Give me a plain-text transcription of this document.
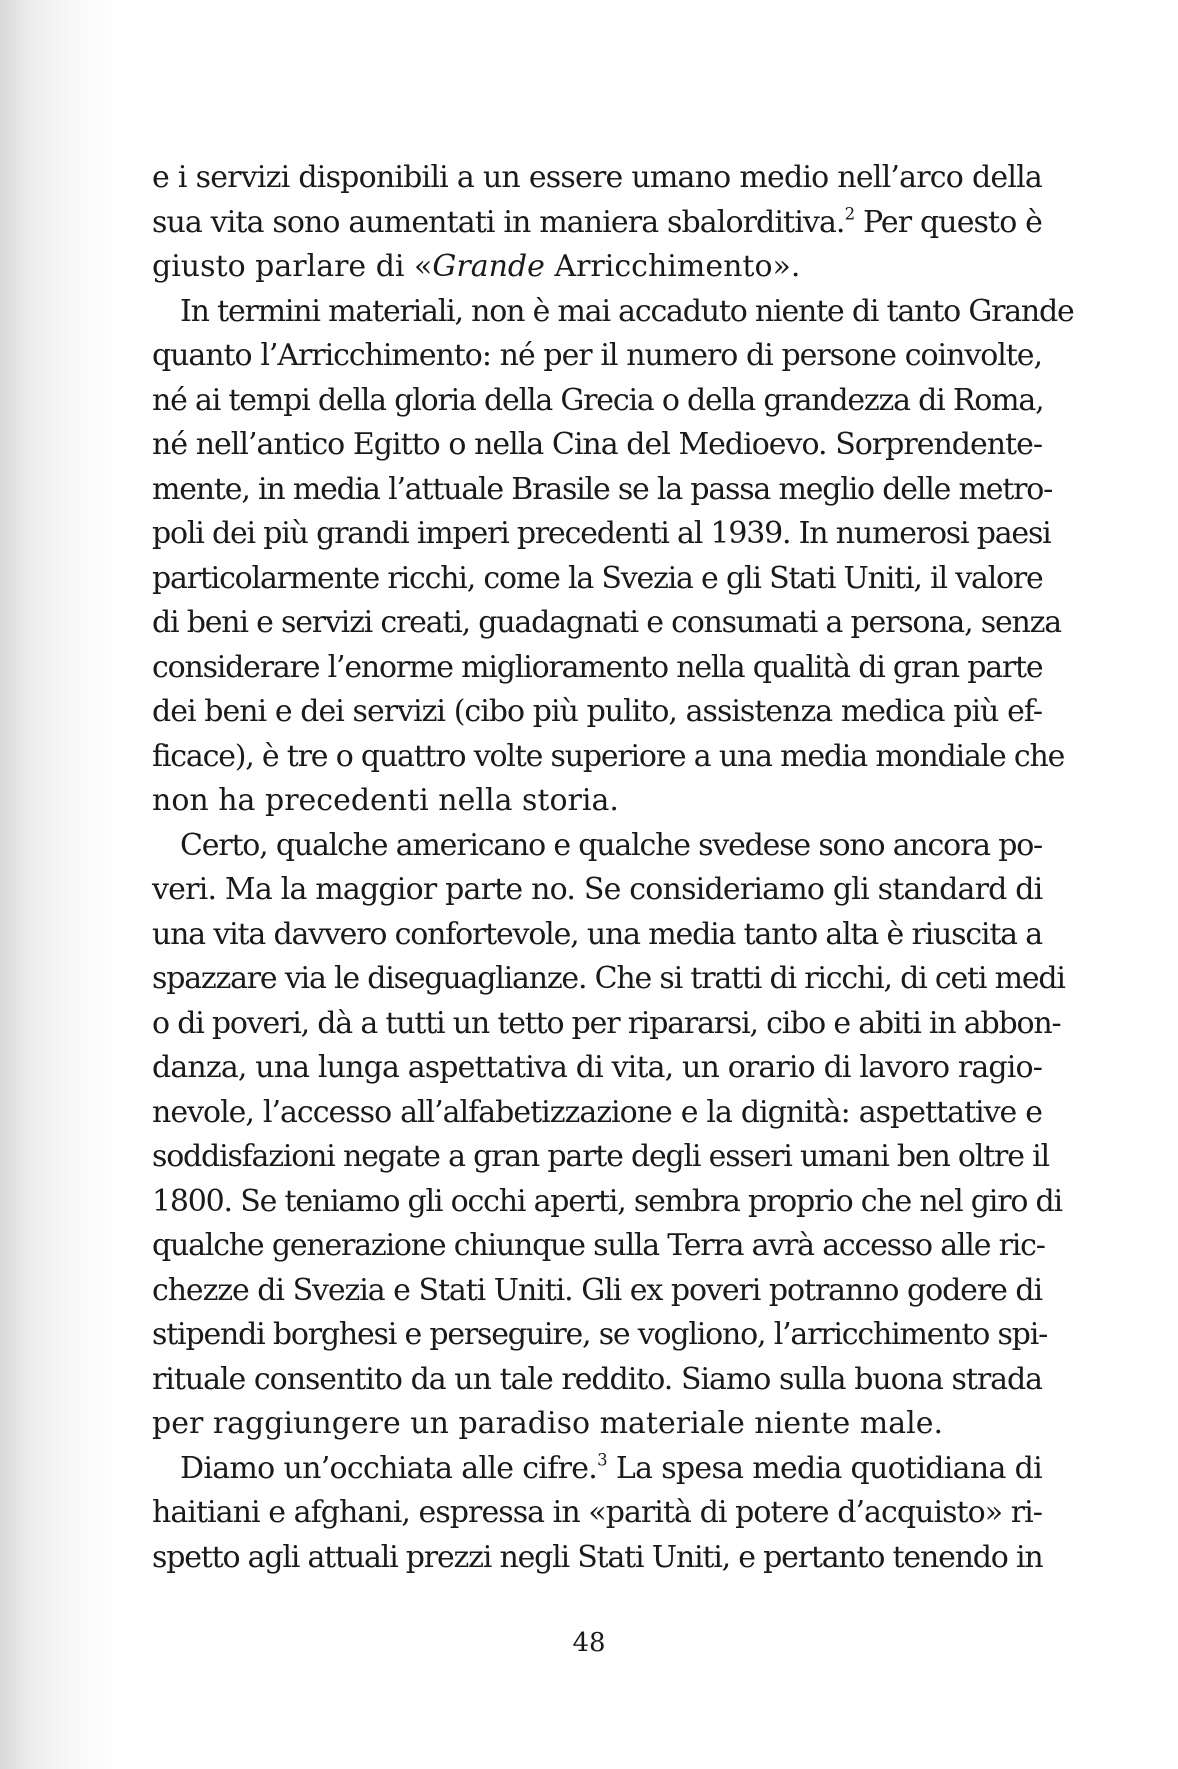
e i servizi disponibili a un essere umano medio nell’arco della
sua vita sono aumentati in maniera sbalorditiva.$^2$ Per questo è
giusto parlare di «Grande Arricchimento».
In termini materiali, non è mai accaduto niente di tanto Grande
quanto l’Arricchimento: né per il numero di persone coinvolte,
né ai tempi della gloria della Grecia o della grandezza di Roma,
né nell’antico Egitto o nella Cina del Medioevo. Sorprendente-
mente, in media l’attuale Brasile se la passa meglio delle metro-
poli dei più grandi imperi precedenti al 1939. In numerosi paesi
particolarmente ricchi, come la Svezia e gli Stati Uniti, il valore
di beni e servizi creati, guadagnati e consumati a persona, senza
considerare l’enorme miglioramento nella qualità di gran parte
dei beni e dei servizi (cibo più pulito, assistenza medica più ef-
ficace), è tre o quattro volte superiore a una media mondiale che
non ha precedenti nella storia.
Certo, qualche americano e qualche svedese sono ancora po-
veri. Ma la maggior parte no. Se consideriamo gli standard di
una vita davvero confortevole, una media tanto alta è riuscita a
spazzare via le diseguaglianze. Che si tratti di ricchi, di ceti medi
o di poveri, dà a tutti un tetto per ripararsi, cibo e abiti in abbon-
danza, una lunga aspettativa di vita, un orario di lavoro ragio-
nevole, l’accesso all’alfabetizzazione e la dignità: aspettative e
soddisfazioni negate a gran parte degli esseri umani ben oltre il
1800. Se teniamo gli occhi aperti, sembra proprio che nel giro di
qualche generazione chiunque sulla Terra avrà accesso alle ric-
chezze di Svezia e Stati Uniti. Gli ex poveri potranno godere di
stipendi borghesi e perseguire, se vogliono, l’arricchimento spi-
rituale consentito da un tale reddito. Siamo sulla buona strada
per raggiungere un paradiso materiale niente male.
Diamo un’occhiata alle cifre.$^3$ La spesa media quotidiana di
haitiani e afghani, espressa in «parità di potere d’acquisto» ri-
spetto agli attuali prezzi negli Stati Uniti, e pertanto tenendo in
48
